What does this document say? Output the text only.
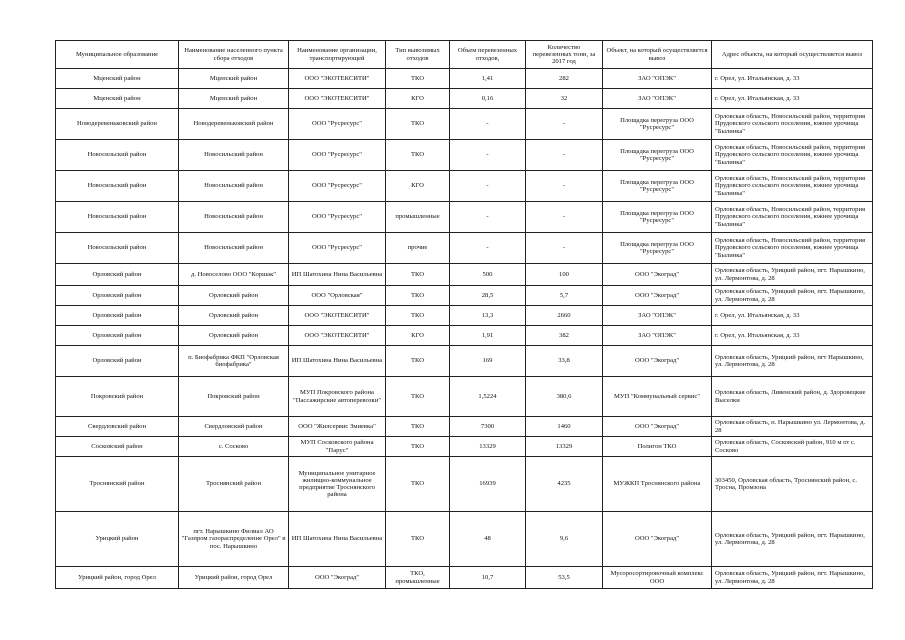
Муниципальное образование	Наименование населенного пункта сбора отходов	Наименование организации, транспортирующей	Тип вывозимых отходов	Объем перевезенных отходов,	Количество перевезенных тонн, за 2017 год	Объект, на который осуществляется вывоз	Адрес объекта, на который осуществляется вывоз
Мценский район	Мценский район	ООО "ЭКОТЕКСИТИ"	ТКО	1,41	282	ЗАО "ОПЭК"	г. Орел, ул. Итальянская, д. 33
Мценский район	Мценский район	ООО "ЭКОТЕКСИТИ"	КГО	0,16	32	ЗАО "ОПЭК"	г. Орел, ул. Итальянская, д. 33
Новодеревеньковский район	Новодеревеньковский район	ООО "Русресурс"	ТКО	-	-	Площадка перегруза ООО "Русресурс"	Орловская область, Новосильский район, территория Прудовского сельского поселения, южнее урочища "Былинка"
Новосильский район	Новосильский район	ООО "Русресурс"	ТКО	-	-	Площадка перегруза ООО "Русресурс"	Орловская область, Новосильский район, территория Прудовского сельского поселения, южнее урочища "Былинка"
Новосильский район	Новосильский район	ООО "Русресурс"	КГО	-	-	Площадка перегруза ООО "Русресурс"	Орловская область, Новосильский район, территория Прудовского сельского поселения, южнее урочища "Былинка"
Новосильский район	Новосильский район	ООО "Русресурс"	промышленные	-	-	Площадка перегруза ООО "Русресурс"	Орловская область, Новосильский район, территория Прудовского сельского поселения, южнее урочища "Былинка"
Новосильский район	Новосильский район	ООО "Русресурс"	прочие	-	-	Площадка перегруза ООО "Русресурс"	Орловская область, Новосильский район, территория Прудовского сельского поселения, южнее урочища "Былинка"
Орловский район	д. Новоселово ООО "Коршак"	ИП Шатохина Нина Васильевна	ТКО	500	100	ООО "Экоград"	Орловская область, Урицкий район, пгт. Нарышкино, ул. Лермонтова, д. 28
Орловский район	Орловский район	ООО "Орловская"	ТКО	28,5	5,7	ООО "Экоград"	Орловская область, Урицкий район, пгт. Нарышкино, ул. Лермонтова, д. 28
Орловский район	Орловский район	ООО "ЭКОТЕКСИТИ"	ТКО	13,3	2660	ЗАО "ОПЭК"	г. Орел, ул. Итальянская, д. 33
Орловский район	Орловский район	ООО "ЭКОТЕКСИТИ"	КГО	1,91	382	ЗАО "ОПЭК"	г. Орел, ул. Итальянская, д. 33
Орловский район	п. Биофабрика ФКП "Орловская биофабрика"	ИП Шатохина Нина Васильевна	ТКО	169	33,8	ООО "Экоград"	Орловская область, Урицкий район, пгт Нарышкино, ул. Лермонтова, д. 28
Покровский район	Покровский район	МУП Покровского района "Пассажирские автоперевозки"	ТКО	1,5224	380,6	МУП "Коммунальный сервис"	Орловская область, Ливенский район, д. Здоровецкие Выселки
Свердловский район	Свердловский район	ООО "Жилсервис Змиевка"	ТКО	7300	1460	ООО "Экоград"	Орловская область, п. Нарышкино ул. Лермонтова, д. 28
Сосковский район	с. Сосково	МУП Сосковского района "Парус"	ТКО	13329	13329	Полигон ТКО	Орловская область, Сосковский район, 910 м от с. Сосково
Троснянский район	Троснянский район	Муниципальное унитарное жилищно-коммунальное предприятие Троснянского района	ТКО	16939	4235	МУЖКП Троснянского района	303450, Орловская область, Троснянский район, с. Тросна, Промзона
Урицкий район	пгт. Нарышкино Филиал АО "Газпром газораспределение Орел" в пос. Нарышкино	ИП Шатохина Нина Васильевна	ТКО	48	9,6	ООО "Экоград"	Орловская область, Урицкий район, пгт. Нарышкино, ул. Лермонтова, д. 28
Урицкий район, город Орел	Урицкий район, город Орел	ООО "Экоград"	ТКО, промышленные	10,7	53,5	Мусоросортировочный комплекс ООО	Орловская область, Урицкий район, пгт. Нарышкино, ул. Лермонтова, д. 28
